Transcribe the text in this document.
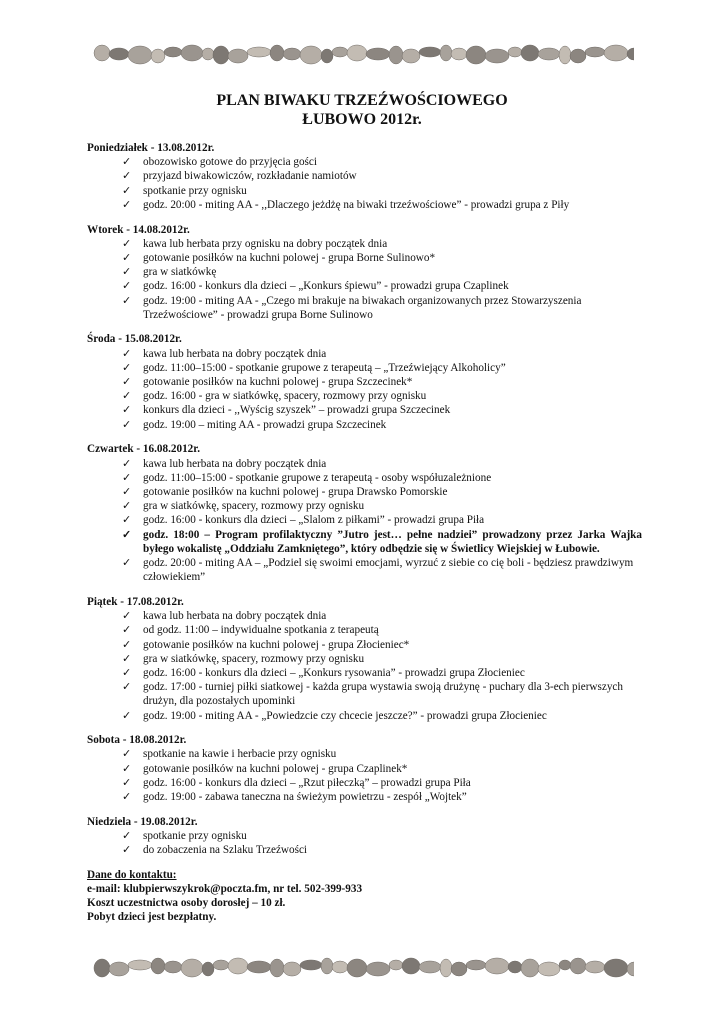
PLAN BIWAKU TRZEŹWOŚCIOWEGO
ŁUBOWO 2012r.
Poniedziałek - 13.08.2012r.
✓ obozowisko gotowe do przyjęcia gości
✓ przyjazd biwakowiczów, rozkładanie namiotów
✓ spotkanie przy ognisku
✓ godz. 20:00 - miting AA - ,,Dlaczego jeżdżę na biwaki trzeźwościowe” - prowadzi grupa z Piły
Wtorek - 14.08.2012r.
✓ kawa lub herbata przy ognisku na dobry początek dnia
✓ gotowanie posiłków na kuchni polowej - grupa Borne Sulinowo*
✓ gra w siatkówkę
✓ godz. 16:00 - konkurs dla dzieci – „Konkurs śpiewu” - prowadzi grupa Czaplinek
✓ godz. 19:00 - miting AA - „Czego mi brakuje na biwakach organizowanych przez Stowarzyszenia Trzeźwościowe” - prowadzi grupa Borne Sulinowo
Środa - 15.08.2012r.
✓ kawa lub herbata na dobry początek dnia
✓ godz. 11:00–15:00 - spotkanie grupowe z terapeutą – „Trzeźwiejący Alkoholicy”
✓ gotowanie posiłków na kuchni polowej - grupa Szczecinek*
✓ godz. 16:00 - gra w siatkówkę, spacery, rozmowy przy ognisku
✓ konkurs dla dzieci - ,,Wyścig szyszek” – prowadzi grupa Szczecinek
✓ godz. 19:00 – miting AA - prowadzi grupa Szczecinek
Czwartek - 16.08.2012r.
✓ kawa lub herbata na dobry początek dnia
✓ godz. 11:00–15:00 - spotkanie grupowe z terapeutą - osoby współuzależnione
✓ gotowanie posiłków na kuchni polowej - grupa Drawsko Pomorskie
✓ gra w siatkówkę, spacery, rozmowy przy ognisku
✓ godz. 16:00 - konkurs dla dzieci – „Slalom z piłkami” - prowadzi grupa Piła
✓ godz. 18:00 – Program profilaktyczny ”Jutro jest… pełne nadziei” prowadzony przez Jarka Wajka byłego wokalistę „Oddziału Zamkniętego”, który odbędzie się w Świetlicy Wiejskiej w Łubowie.
✓ godz. 20:00 - miting AA – „Podziel się swoimi emocjami, wyrzuć z siebie co cię boli - będziesz prawdziwym człowiekiem”
Piątek - 17.08.2012r.
✓ kawa lub herbata na dobry początek dnia
✓ od godz. 11:00 – indywidualne spotkania z terapeutą
✓ gotowanie posiłków na kuchni polowej - grupa Złocieniec*
✓ gra w siatkówkę, spacery, rozmowy przy ognisku
✓ godz. 16:00 - konkurs dla dzieci – „Konkurs rysowania” - prowadzi grupa Złocieniec
✓ godz. 17:00 - turniej piłki siatkowej - każda grupa wystawia swoją drużynę - puchary dla 3-ech pierwszych drużyn, dla pozostałych upominki
✓ godz. 19:00 - miting AA - „Powiedzcie czy chcecie jeszcze?” - prowadzi grupa Złocieniec
Sobota - 18.08.2012r.
✓ spotkanie na kawie i herbacie przy ognisku
✓ gotowanie posiłków na kuchni polowej - grupa Czaplinek*
✓ godz. 16:00 - konkurs dla dzieci – „Rzut piłeczką” – prowadzi grupa Piła
✓ godz. 19:00 - zabawa taneczna na świeżym powietrzu - zespół „Wojtek”
Niedziela - 19.08.2012r.
✓ spotkanie przy ognisku
✓ do zobaczenia na Szlaku Trzeźwości
Dane do kontaktu:
e-mail: klubpierwszykrok@poczta.fm, nr tel. 502-399-933
Koszt uczestnictwa osoby dorosłej – 10 zł.
Pobyt dzieci jest bezpłatny.
